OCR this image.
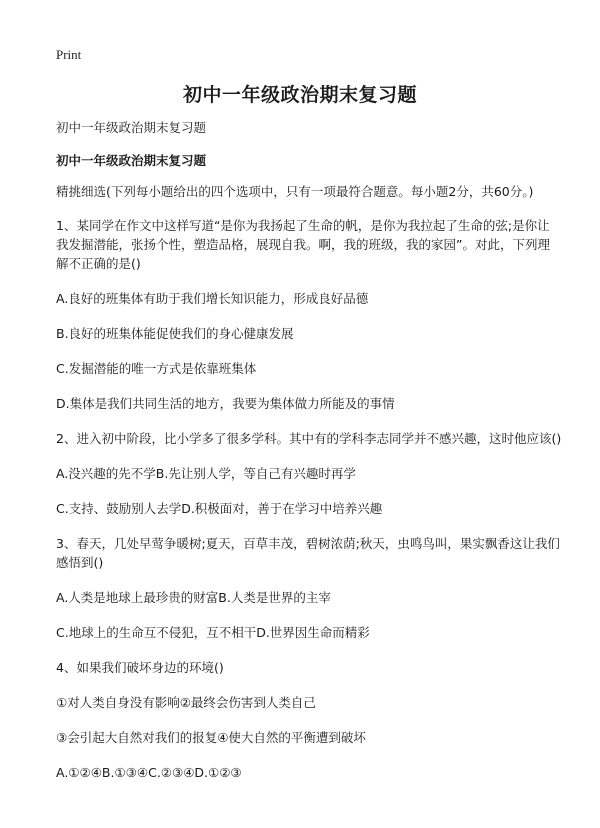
Print
初中一年级政治期末复习题

初中一年级政治期末复习题

初中一年级政治期末复习题

精挑细选(下列每小题给出的四个选项中，只有一项最符合题意。每小题2分，共60分。)

1、某同学在作文中这样写道“是你为我扬起了生命的帆，是你为我拉起了生命的弦;是你让我发掘潜能，张扬个性，塑造品格，展现自我。啊，我的班级，我的家园”。对此，下列理解不正确的是()

A.良好的班集体有助于我们增长知识能力，形成良好品德

B.良好的班集体能促使我们的身心健康发展

C.发掘潜能的唯一方式是依靠班集体

D.集体是我们共同生活的地方，我要为集体做力所能及的事情

2、进入初中阶段，比小学多了很多学科。其中有的学科李志同学并不感兴趣，这时他应该()

A.没兴趣的先不学B.先让别人学，等自己有兴趣时再学

C.支持、鼓励别人去学D.积极面对，善于在学习中培养兴趣

3、春天，几处早莺争暖树;夏天，百草丰茂，碧树浓荫;秋天，虫鸣鸟叫，果实飘香这让我们感悟到()

A.人类是地球上最珍贵的财富B.人类是世界的主宰

C.地球上的生命互不侵犯，互不相干D.世界因生命而精彩

4、如果我们破坏身边的环境()

①对人类自身没有影响②最终会伤害到人类自己

③会引起大自然对我们的报复④使大自然的平衡遭到破坏

A.①②④B.①③④C.②③④D.①②③
